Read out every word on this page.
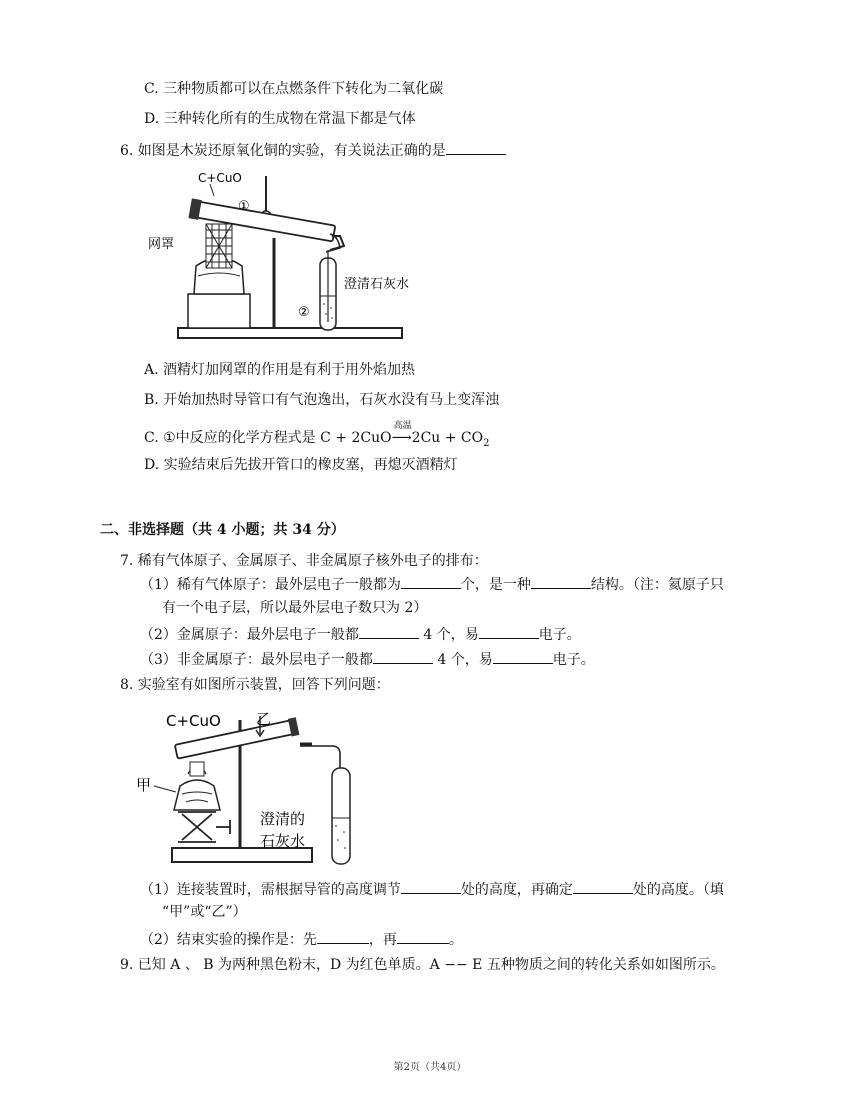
C. 三种物质都可以在点燃条件下转化为二氧化碳
D. 三种转化所有的生成物在常温下都是气体
6. 如图是木炭还原氧化铜的实验，有关说法正确的是
C+CuO
①
网罩
澄清石灰水
②
A. 酒精灯加网罩的作用是有利于用外焰加热
B. 开始加热时导管口有气泡逸出，石灰水没有马上变浑浊
C. ①中反应的化学方程式是 C + 2CuO
高温
⟶2Cu + $CO_2$
D. 实验结束后先拔开管口的橡皮塞，再熄灭酒精灯
二、非选择题（共 4 小题；共 34 分）
7. 稀有气体原子、金属原子、非金属原子核外电子的排布：
（1）稀有气体原子：最外层电子一般都为	个，是一种	结构。（注：氦原子只
有一个电子层，所以最外层电子数只为 2）
（2）金属原子：最外层电子一般都	4 个，易	电子。
（3）非金属原子：最外层电子一般都	4 个，易	电子。
8. 实验室有如图所示装置，回答下列问题：
C+CuO 乙
甲
澄清的
石灰水
（1）连接装置时，需根据导管的高度调节	处的高度，再确定	处的高度。（填
“甲”或“乙”）
（2）结束实验的操作是：先	，再	。
9. 已知 A 、 B 为两种黑色粉末，D 为红色单质。A −− E 五种物质之间的转化关系如如图所示。
第2页（共4页）
